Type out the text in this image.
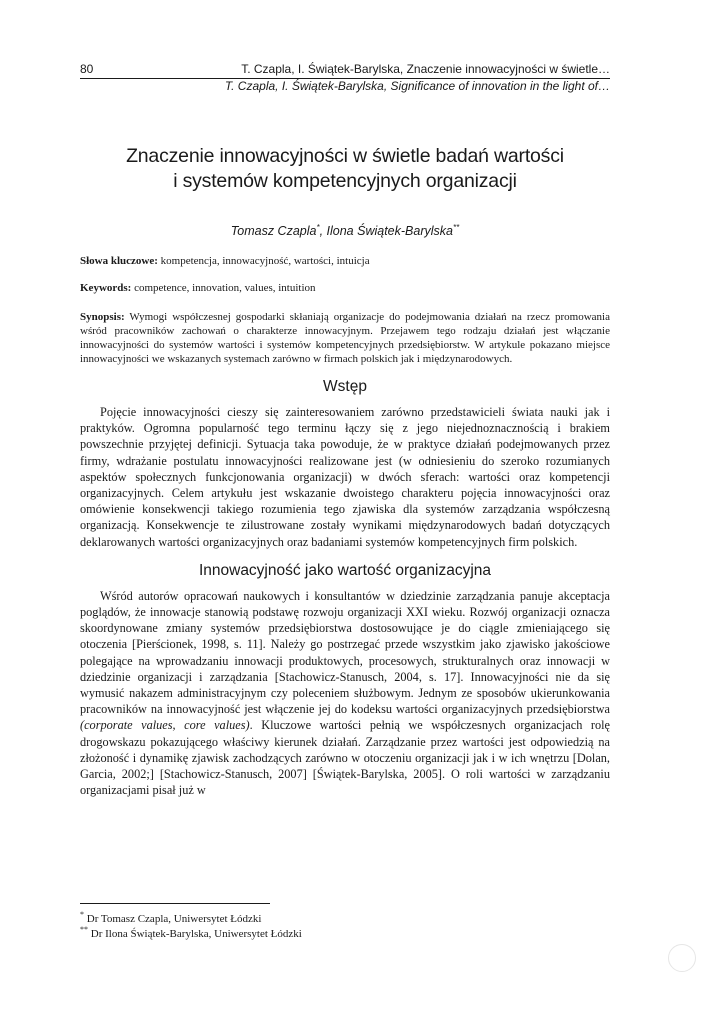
80	T. Czapla, I. Świątek-Barylska, Znaczenie innowacyjności w świetle…
T. Czapla, I. Świątek-Barylska, Significance of innovation in the light of…
Znaczenie innowacyjności w świetle badań wartości
i systemów kompetencyjnych organizacji
Tomasz Czapla*, Ilona Świątek-Barylska**
Słowa kluczowe: kompetencja, innowacyjność, wartości, intuicja
Keywords: competence, innovation, values, intuition
Synopsis: Wymogi współczesnej gospodarki skłaniają organizacje do podejmowania działań na rzecz promowania wśród pracowników zachowań o charakterze innowacyjnym. Przejawem tego rodzaju działań jest włączanie innowacyjności do systemów wartości i systemów kompetencyjnych przedsiębiorstw. W artykule pokazano miejsce innowacyjności we wskazanych systemach zarówno w firmach polskich jak i międzynarodowych.
Wstęp

Pojęcie innowacyjności cieszy się zainteresowaniem zarówno przedstawicieli świata nauki jak i praktyków. Ogromna popularność tego terminu łączy się z jego niejednoznacznością i brakiem powszechnie przyjętej definicji. Sytuacja taka powoduje, że w praktyce działań podejmowanych przez firmy, wdrażanie postulatu innowacyjności realizowane jest (w odniesieniu do szeroko rozumianych aspektów społecznych funkcjonowania organizacji) w dwóch sferach: wartości oraz kompetencji organizacyjnych. Celem artykułu jest wskazanie dwoistego charakteru pojęcia innowacyjności oraz omówienie konsekwencji takiego rozumienia tego zjawiska dla systemów zarządzania współczesną organizacją. Konsekwencje te zilustrowane zostały wynikami międzynarodowych badań dotyczących deklarowanych wartości organizacyjnych oraz badaniami systemów kompetencyjnych firm polskich.

Innowacyjność jako wartość organizacyjna

Wśród autorów opracowań naukowych i konsultantów w dziedzinie zarządzania panuje akceptacja poglądów, że innowacje stanowią podstawę rozwoju organizacji XXI wieku. Rozwój organizacji oznacza skoordynowane zmiany systemów przedsiębiorstwa dostosowujące je do ciągle zmieniającego się otoczenia [Pierścionek, 1998, s. 11]. Należy go postrzegać przede wszystkim jako zjawisko jakościowe polegające na wprowadzaniu innowacji produktowych, procesowych, strukturalnych oraz innowacji w dziedzinie organizacji i zarządzania [Stachowicz-Stanusch, 2004, s. 17]. Innowacyjności nie da się wymusić nakazem administracyjnym czy poleceniem służbowym. Jednym ze sposobów ukierunkowania pracowników na innowacyjność jest włączenie jej do kodeksu wartości organizacyjnych przedsiębiorstwa (corporate values, core values). Kluczowe wartości pełnią we współczesnych organizacjach rolę drogowskazu pokazującego właściwy kierunek działań. Zarządzanie przez wartości jest odpowiedzią na złożoność i dynamikę zjawisk zachodzących zarówno w otoczeniu organizacji jak i w ich wnętrzu [Dolan, Garcia, 2002;] [Stachowicz-Stanusch, 2007] [Świątek-Barylska, 2005]. O roli wartości w zarządzaniu organizacjami pisał już w

* Dr Tomasz Czapla, Uniwersytet Łódzki
** Dr Ilona Świątek-Barylska, Uniwersytet Łódzki
